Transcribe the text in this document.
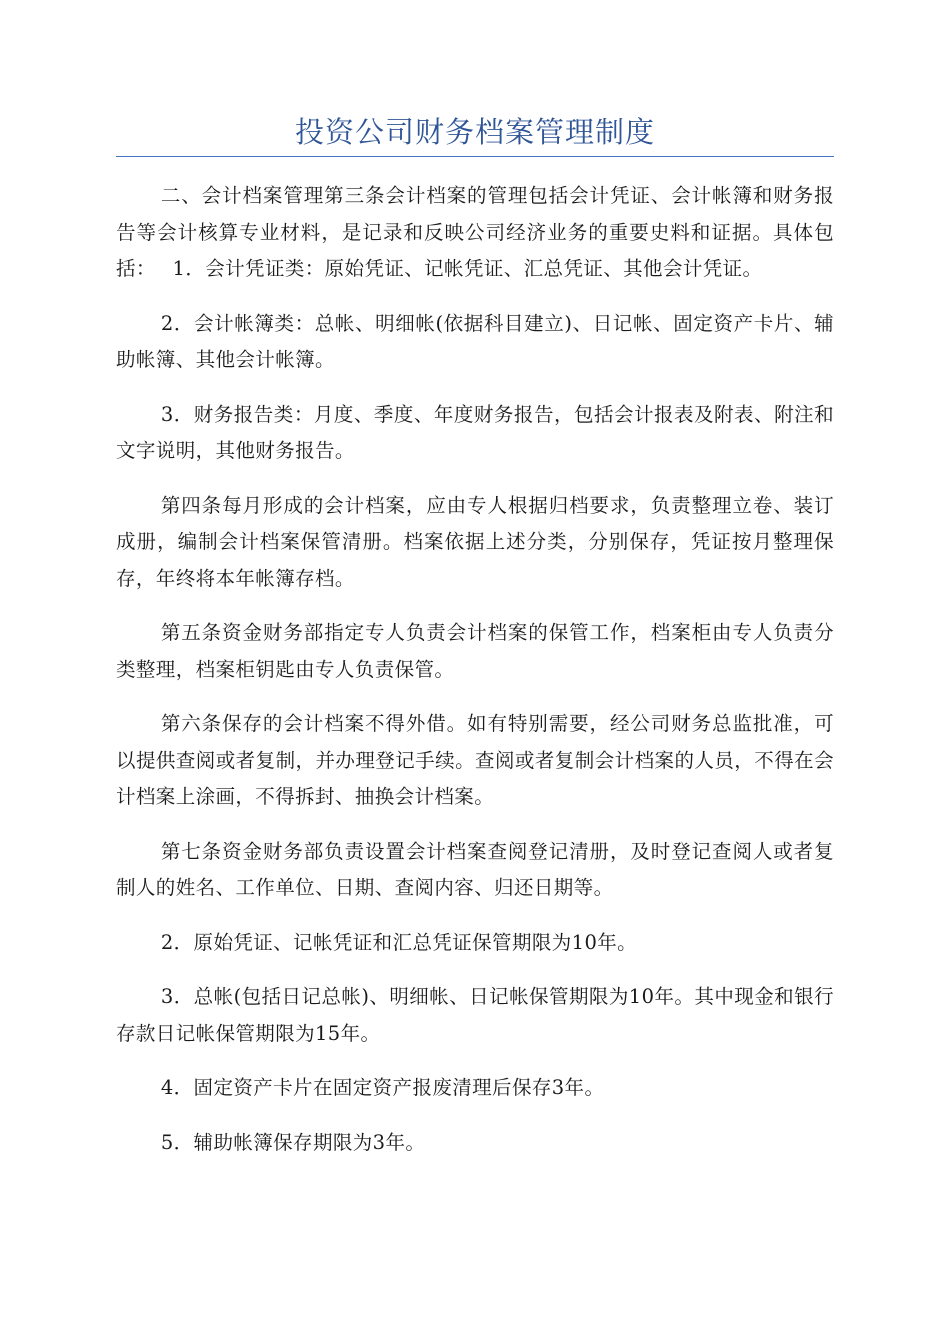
投资公司财务档案管理制度

二、会计档案管理第三条会计档案的管理包括会计凭证、会计帐簿和财务报告等会计核算专业材料，是记录和反映公司经济业务的重要史料和证据。具体包括：　 1．会计凭证类：原始凭证、记帐凭证、汇总凭证、其他会计凭证。

2．会计帐簿类：总帐、明细帐(依据科目建立)、日记帐、固定资产卡片、辅助帐簿、其他会计帐簿。

3．财务报告类：月度、季度、年度财务报告，包括会计报表及附表、附注和文字说明，其他财务报告。

第四条每月形成的会计档案，应由专人根据归档要求，负责整理立卷、装订成册，编制会计档案保管清册。档案依据上述分类，分别保存，凭证按月整理保存，年终将本年帐簿存档。

第五条资金财务部指定专人负责会计档案的保管工作，档案柜由专人负责分类整理，档案柜钥匙由专人负责保管。

第六条保存的会计档案不得外借。如有特别需要，经公司财务总监批准，可以提供查阅或者复制，并办理登记手续。查阅或者复制会计档案的人员，不得在会计档案上涂画，不得拆封、抽换会计档案。

第七条资金财务部负责设置会计档案查阅登记清册，及时登记查阅人或者复制人的姓名、工作单位、日期、查阅内容、归还日期等。

2．原始凭证、记帐凭证和汇总凭证保管期限为10年。

3．总帐(包括日记总帐)、明细帐、日记帐保管期限为10年。其中现金和银行存款日记帐保管期限为15年。

4．固定资产卡片在固定资产报废清理后保存3年。

5．辅助帐簿保存期限为3年。
